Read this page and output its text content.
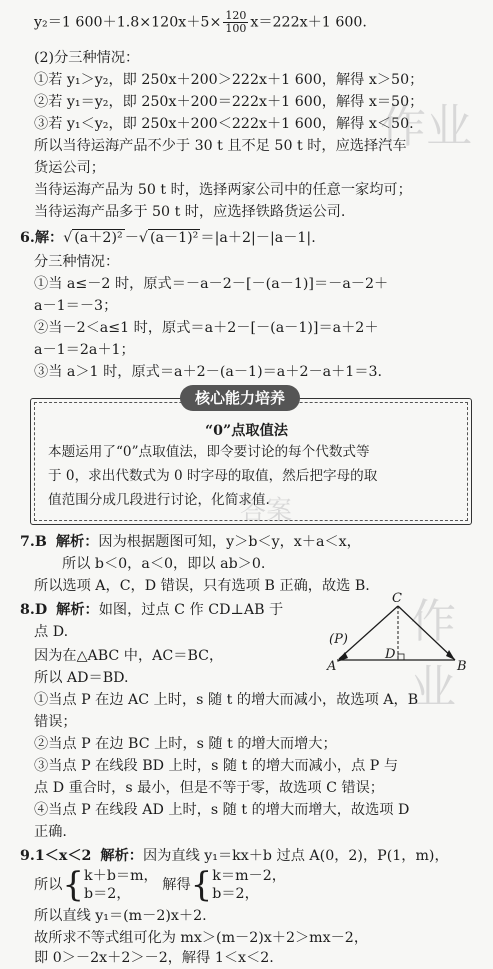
作业
作业
答案
y₂＝1 $600+1.8\times 120x+5\times \frac{120}{100} x=222x+1$ 600.
(2)分三种情况：
①若 y₁＞y₂，即 250x＋200＞222x＋1 600，解得 x＞50；
②若 y₁＝y₂，即 250x＋200＝222x＋1 600，解得 x＝50；
③若 y₁＜y₂，即 250x＋200＜222x＋1 600，解得 x＜50.
所以当待运海产品不少于 30 t 且不足 50 t 时，应选择汽车
货运公司；
当待运海产品为 50 t 时，选择两家公司中的任意一家均可；
当待运海产品多于 50 t 时，应选择铁路货运公司.
6.解：√ (a＋2)² －√ (a－1)² ＝|a＋2|－|a－1|.
分三种情况：
①当 a≤－2 时，原式＝－a－2－[－(a－1)]＝－a－2＋
a－1＝－3；
②当－2＜a≤1 时，原式＝a＋2－[－(a－1)]＝a＋2＋
a－1＝2a＋1；
③当 a＞1 时，原式＝a＋2－(a－1)＝a＋2－a＋1＝3.
核心能力培养
“0”点取值法
本题运用了“0”点取值法，即令要讨论的每个代数式等
于 0，求出代数式为 0 时字母的取值，然后把字母的取
值范围分成几段进行讨论，化简求值.
7.B 解析：因为根据题图可知，y＞b＜y，x＋a＜x，
所以 b＜0，a＜0，即以 ab＞0.
所以选项 A，C，D 错误，只有选项 B 正确，故选 B.
8.D 解析：如图，过点 C 作 CD⊥AB 于
点 D.
因为在△ABC 中，AC＝BC，
所以 AD＝BD.
C
(P)
A
D
B
①当点 P 在边 AC 上时，s 随 t 的增大而减小，故选项 A，B
错误；
②当点 P 在边 BC 上时，s 随 t 的增大而增大；
③当点 P 在线段 BD 上时，s 随 t 的增大而减小，点 P 与
点 D 重合时，s 最小，但是不等于零，故选项 C 错误；
④当点 P 在线段 AD 上时，s 随 t 的增大而增大，故选项 D
正确.
9.1＜x＜2 解析：因为直线 y₁＝kx＋b 过点 A(0，2)，P(1，m)，
所以{ k＋b＝m，
b＝2，
解得{ k＝m－2，
b＝2，
所以直线 y₁＝(m－2)x＋2.
故所求不等式组可化为 mx＞(m－2)x＋2＞mx－2，
即 0＞－2x＋2＞－2，解得 1＜x＜2.
